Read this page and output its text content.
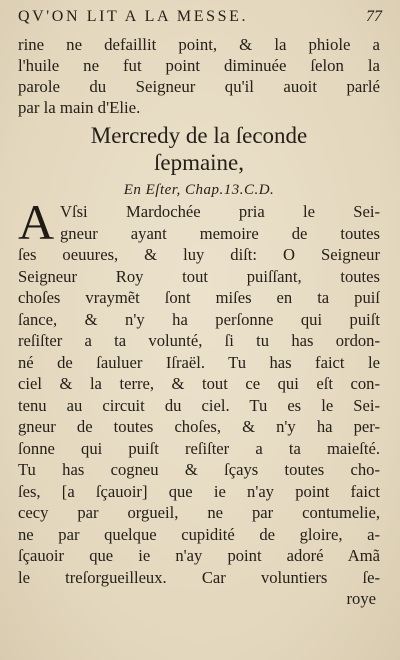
QV'ON LIT A LA MESSE.	77
rine ne defaillit point, & la phiole a
l'huile ne fut point diminuée ſelon la
parole du Seigneur qu'il auoit parlé
par la main d'Elie.
Mercredy de la ſeconde
ſepmaine,
En Eſter, Chap.13.C.D.
A Vſsi Mardochée pria le Sei-
gneur ayant memoire de toutes
ſes oeuures, & luy diſt: O Seigneur
Seigneur Roy tout puiſſant, toutes
choſes vraymẽt ſont miſes en ta puiſ
ſance, & n'y ha perſonne qui puiſt
reſiſter a ta volunté, ſi tu has ordon-
né de ſauluer Iſraël. Tu has faict le
ciel & la terre, & tout ce qui eſt con-
tenu au circuit du ciel. Tu es le Sei-
gneur de toutes choſes, & n'y ha per-
ſonne qui puiſt reſiſter a ta maieſté.
Tu has cogneu & ſçays toutes cho-
ſes, [a ſçauoir] que ie n'ay point faict
cecy par orgueil, ne par contumelie,
ne par quelque cupidité de gloire, a-
ſçauoir que ie n'ay point adoré Amã
le treſorgueilleux. Car voluntiers ſe-
roye
